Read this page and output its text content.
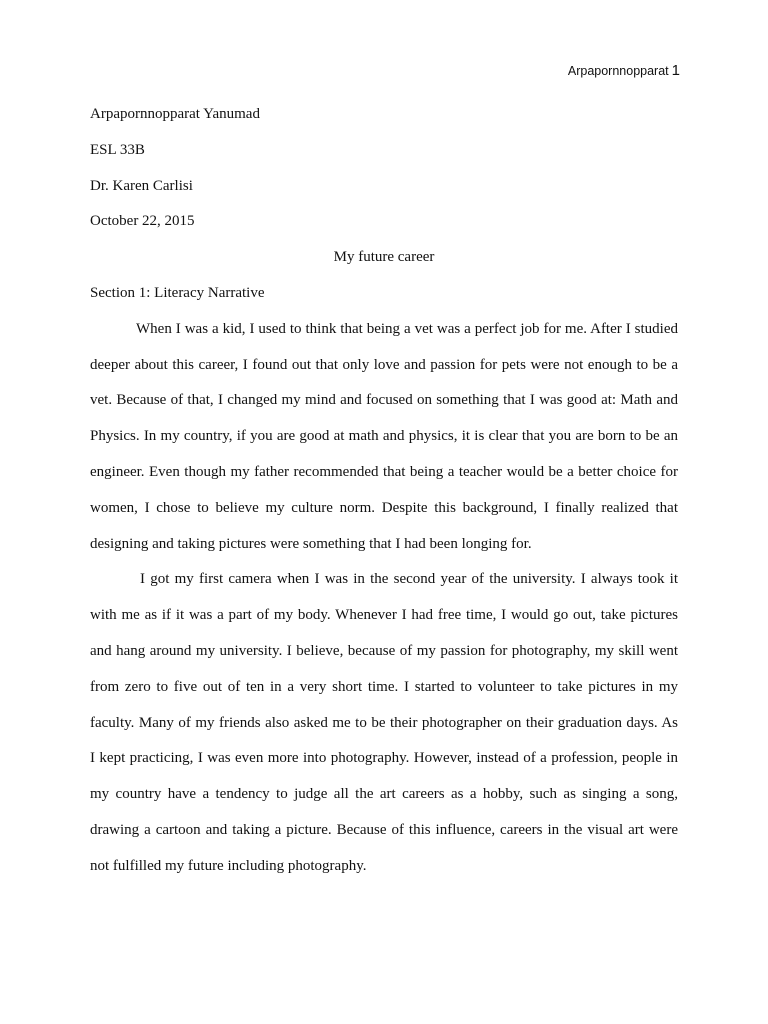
Arpapornnopparat 1
Arpapornnopparat Yanumad
ESL 33B
Dr. Karen Carlisi
October 22, 2015
My future career
Section 1: Literacy Narrative
When I was a kid, I used to think that being a vet was a perfect job for me. After I studied
deeper about this career, I found out that only love and passion for pets were not enough to be a
vet. Because of that, I changed my mind and focused on something that I was good at: Math and
Physics. In my country, if you are good at math and physics, it is clear that you are born to be an
engineer. Even though my father recommended that being a teacher would be a better choice for
women, I chose to believe my culture norm. Despite this background, I finally realized that
designing and taking pictures were something that I had been longing for.
I got my first camera when I was in the second year of the university. I always took it
with me as if it was a part of my body. Whenever I had free time, I would go out, take pictures
and hang around my university. I believe, because of my passion for photography, my skill went
from zero to five out of ten in a very short time. I started to volunteer to take pictures in my
faculty. Many of my friends also asked me to be their photographer on their graduation days. As
I kept practicing, I was even more into photography. However, instead of a profession, people in
my country have a tendency to judge all the art careers as a hobby, such as singing a song,
drawing a cartoon and taking a picture. Because of this influence, careers in the visual art were
not fulfilled my future including photography.
